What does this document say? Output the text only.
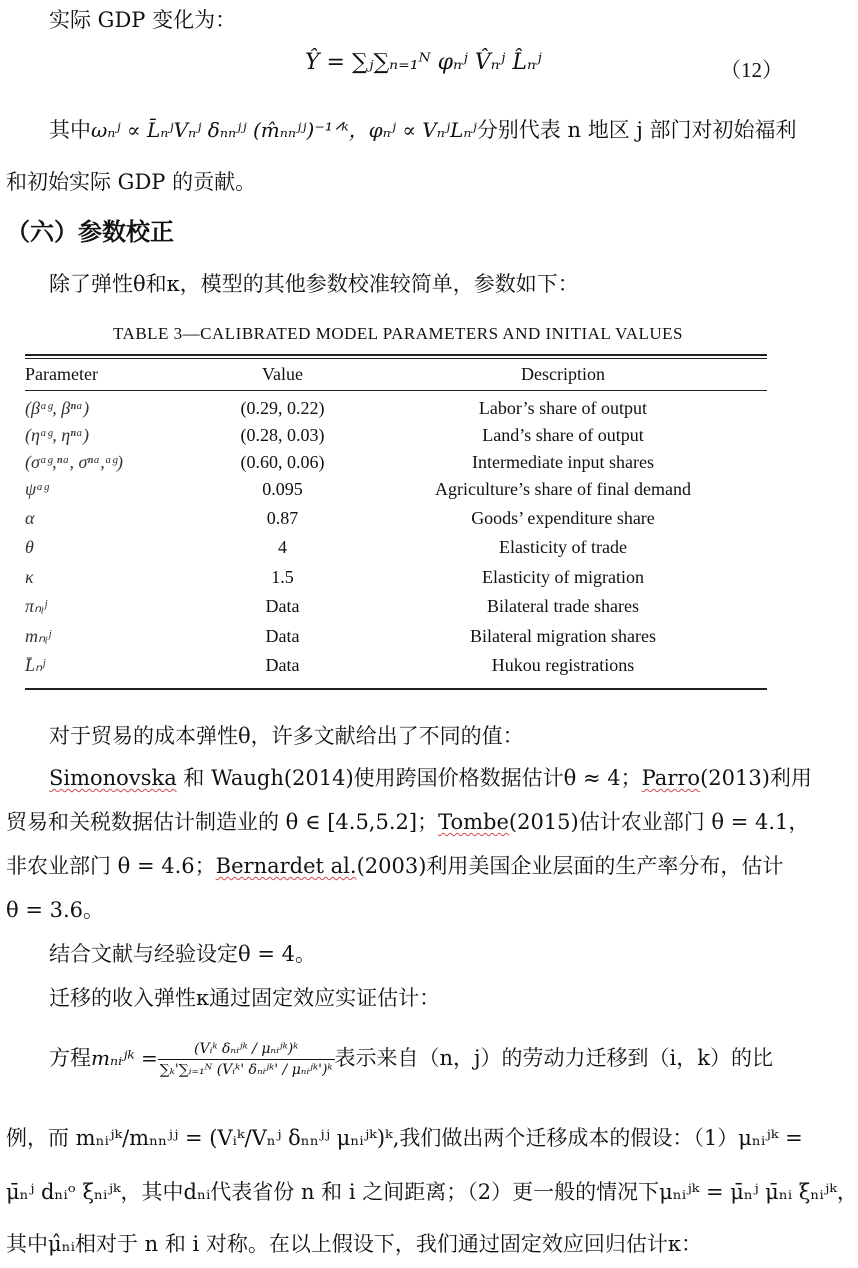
实际 GDP 变化为：
Ŷ = ∑ⱼ∑ₙ₌₁ᴺ φₙʲ V̂ₙʲ L̂ₙʲ	（12）
其中ωₙʲ ∝ L̄ₙʲVₙʲ δₙₙʲʲ (m̂ₙₙʲʲ)⁻¹ᐟᵏ，φₙʲ ∝ VₙʲLₙʲ分别代表 n 地区 j 部门对初始福利
和初始实际 GDP 的贡献。
（六）参数校正
除了弹性θ和κ，模型的其他参数校准较简单，参数如下：
TABLE 3—CALIBRATED MODEL PARAMETERS AND INITIAL VALUES
Parameter	Value	Description
(βᵃᵍ, βⁿᵃ)	(0.29, 0.22)	Labor’s share of output
(ηᵃᵍ, ηⁿᵃ)	(0.28, 0.03)	Land’s share of output
(σᵃᵍ,ⁿᵃ, σⁿᵃ,ᵃᵍ)	(0.60, 0.06)	Intermediate input shares
ψᵃᵍ	0.095	Agriculture’s share of final demand
α	0.87	Goods’ expenditure share
θ	4	Elasticity of trade
κ	1.5	Elasticity of migration
πₙᵢʲ	Data	Bilateral trade shares
mₙᵢʲ	Data	Bilateral migration shares
L̄ₙʲ	Data	Hukou registrations
对于贸易的成本弹性θ，许多文献给出了不同的值：
Simonovska 和 Waugh(2014)使用跨国价格数据估计θ ≈ 4；Parro(2013)利用
贸易和关税数据估计制造业的 θ ∈ [4.5,5.2]；Tombe(2015)估计农业部门 θ = 4.1，
非农业部门 θ = 4.6；Bernardet al.(2003)利用美国企业层面的生产率分布，估计
θ = 3.6。
结合文献与经验设定θ = 4。
迁移的收入弹性κ通过固定效应实证估计：
方程mₙᵢʲᵏ = $\frac{\text{(Vᵢᵏ δₙᵢʲᵏ / μₙᵢʲᵏ)ᵏ}}{\text{∑ₖ'∑ᵢ₌₁ᴺ (Vᵢᵏ' δₙᵢʲᵏ' / μₙᵢʲᵏ')ᵏ}}$ 表示来自（n，j）的劳动力迁移到（i，k）的比
例，而 mₙᵢʲᵏ/mₙₙʲʲ = (Vᵢᵏ/Vₙʲ δₙₙʲʲ μₙᵢʲᵏ)ᵏ,我们做出两个迁移成本的假设：（1）μₙᵢʲᵏ =
μ̄ₙʲ dₙᵢᵒ ξₙᵢʲᵏ，其中dₙᵢ代表省份 n 和 i 之间距离；（2）更一般的情况下μₙᵢʲᵏ = μ̄ₙʲ μ̄ₙᵢ ξₙᵢʲᵏ，
其中μ̂ₙᵢ相对于 n 和 i 对称。在以上假设下，我们通过固定效应回归估计κ：
